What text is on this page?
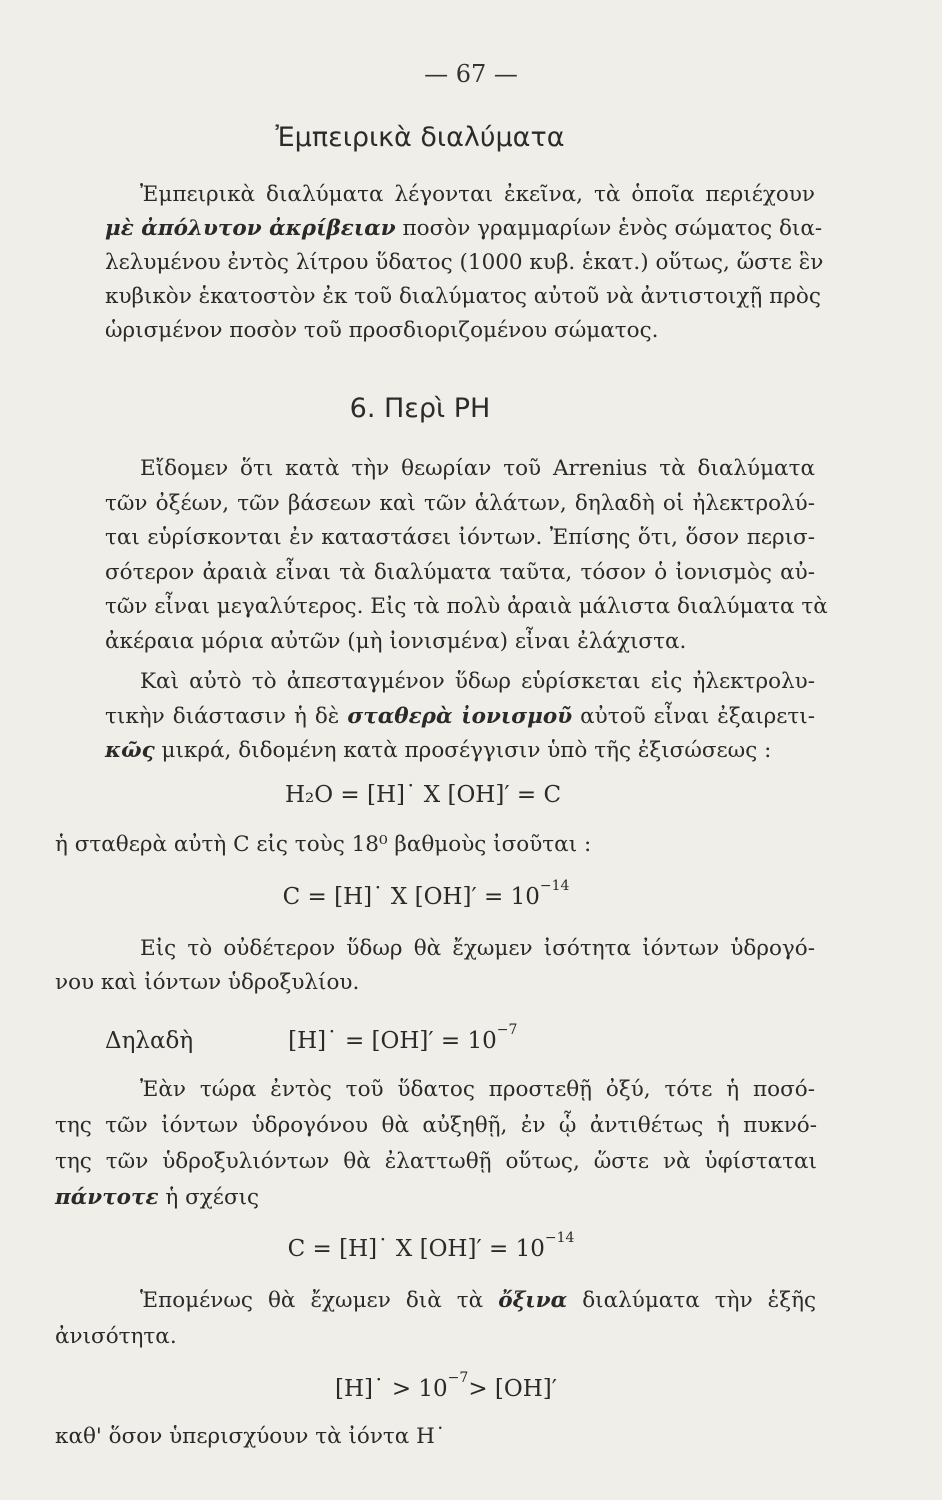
— 67 —
Ἐμπειρικὰ διαλύματα
Ἐμπειρικὰ διαλύματα λέγονται ἐκεῖνα, τὰ ὁποῖα περιέχουν
μὲ ἀπόλυτον ἀκρίβειαν ποσὸν γραμμαρίων ἑνὸς σώματος δια-
λελυμένου ἐντὸς λίτρου ὕδατος (1000 κυβ. ἑκατ.) οὕτως, ὥστε ἓν
κυβικὸν ἑκατοστὸν ἐκ τοῦ διαλύματος αὐτοῦ νὰ ἀντιστοιχῇ πρὸς
ὡρισμένον ποσὸν τοῦ προσδιοριζομένου σώματος.
6. Περὶ PH
Εἴδομεν ὅτι κατὰ τὴν θεωρίαν τοῦ Arrenius τὰ διαλύματα
τῶν ὀξέων, τῶν βάσεων καὶ τῶν ἁλάτων, δηλαδὴ οἱ ἠλεκτρολύ-
ται εὑρίσκονται ἐν καταστάσει ἰόντων. Ἐπίσης ὅτι, ὅσον περισ-
σότερον ἀραιὰ εἶναι τὰ διαλύματα ταῦτα, τόσον ὁ ἰονισμὸς αὐ-
τῶν εἶναι μεγαλύτερος. Εἰς τὰ πολὺ ἀραιὰ μάλιστα διαλύματα τὰ
ἀκέραια μόρια αὐτῶν (μὴ ἰονισμένα) εἶναι ἐλάχιστα.
Καὶ αὐτὸ τὸ ἀπεσταγμένον ὕδωρ εὑρίσκεται εἰς ἠλεκτρολυ-
τικὴν διάστασιν ἡ δὲ σταθερὰ ἰονισμοῦ αὐτοῦ εἶναι ἐξαιρετι-
κῶς μικρά, διδομένη κατὰ προσέγγισιν ὑπὸ τῆς ἐξισώσεως :
H₂O = [H]˙ X [OH]′ = C
ἡ σταθερὰ αὐτὴ C εἰς τοὺς 18⁰ βαθμοὺς ἰσοῦται :
C = [H]˙ X $[OH]' = 10^{-14}$
Εἰς τὸ οὐδέτερον ὕδωρ θὰ ἔχωμεν ἰσότητα ἰόντων ὑδρογό-
νου καὶ ἰόντων ὑδροξυλίου.
Δηλαδὴ	[H]˙ = $[OH]' = 10^{-7}$
Ἐὰν τώρα ἐντὸς τοῦ ὕδατος προστεθῇ ὀξύ, τότε ἡ ποσό-
της τῶν ἰόντων ὑδρογόνου θὰ αὐξηθῇ, ἐν ᾧ ἀντιθέτως ἡ πυκνό-
της τῶν ὑδροξυλιόντων θὰ ἐλαττωθῇ οὕτως, ὥστε νὰ ὑφίσταται
πάντοτε ἡ σχέσις
C = [H]˙ X $[OH]' = 10^{-14}$
Ἑπομένως θὰ ἔχωμεν διὰ τὰ ὄξινα διαλύματα τὴν ἑξῆς
ἀνισότητα.
[H]˙ > $10^{-7}> [OH]'$
καθ' ὅσον ὑπερισχύουν τὰ ἰόντα H˙
